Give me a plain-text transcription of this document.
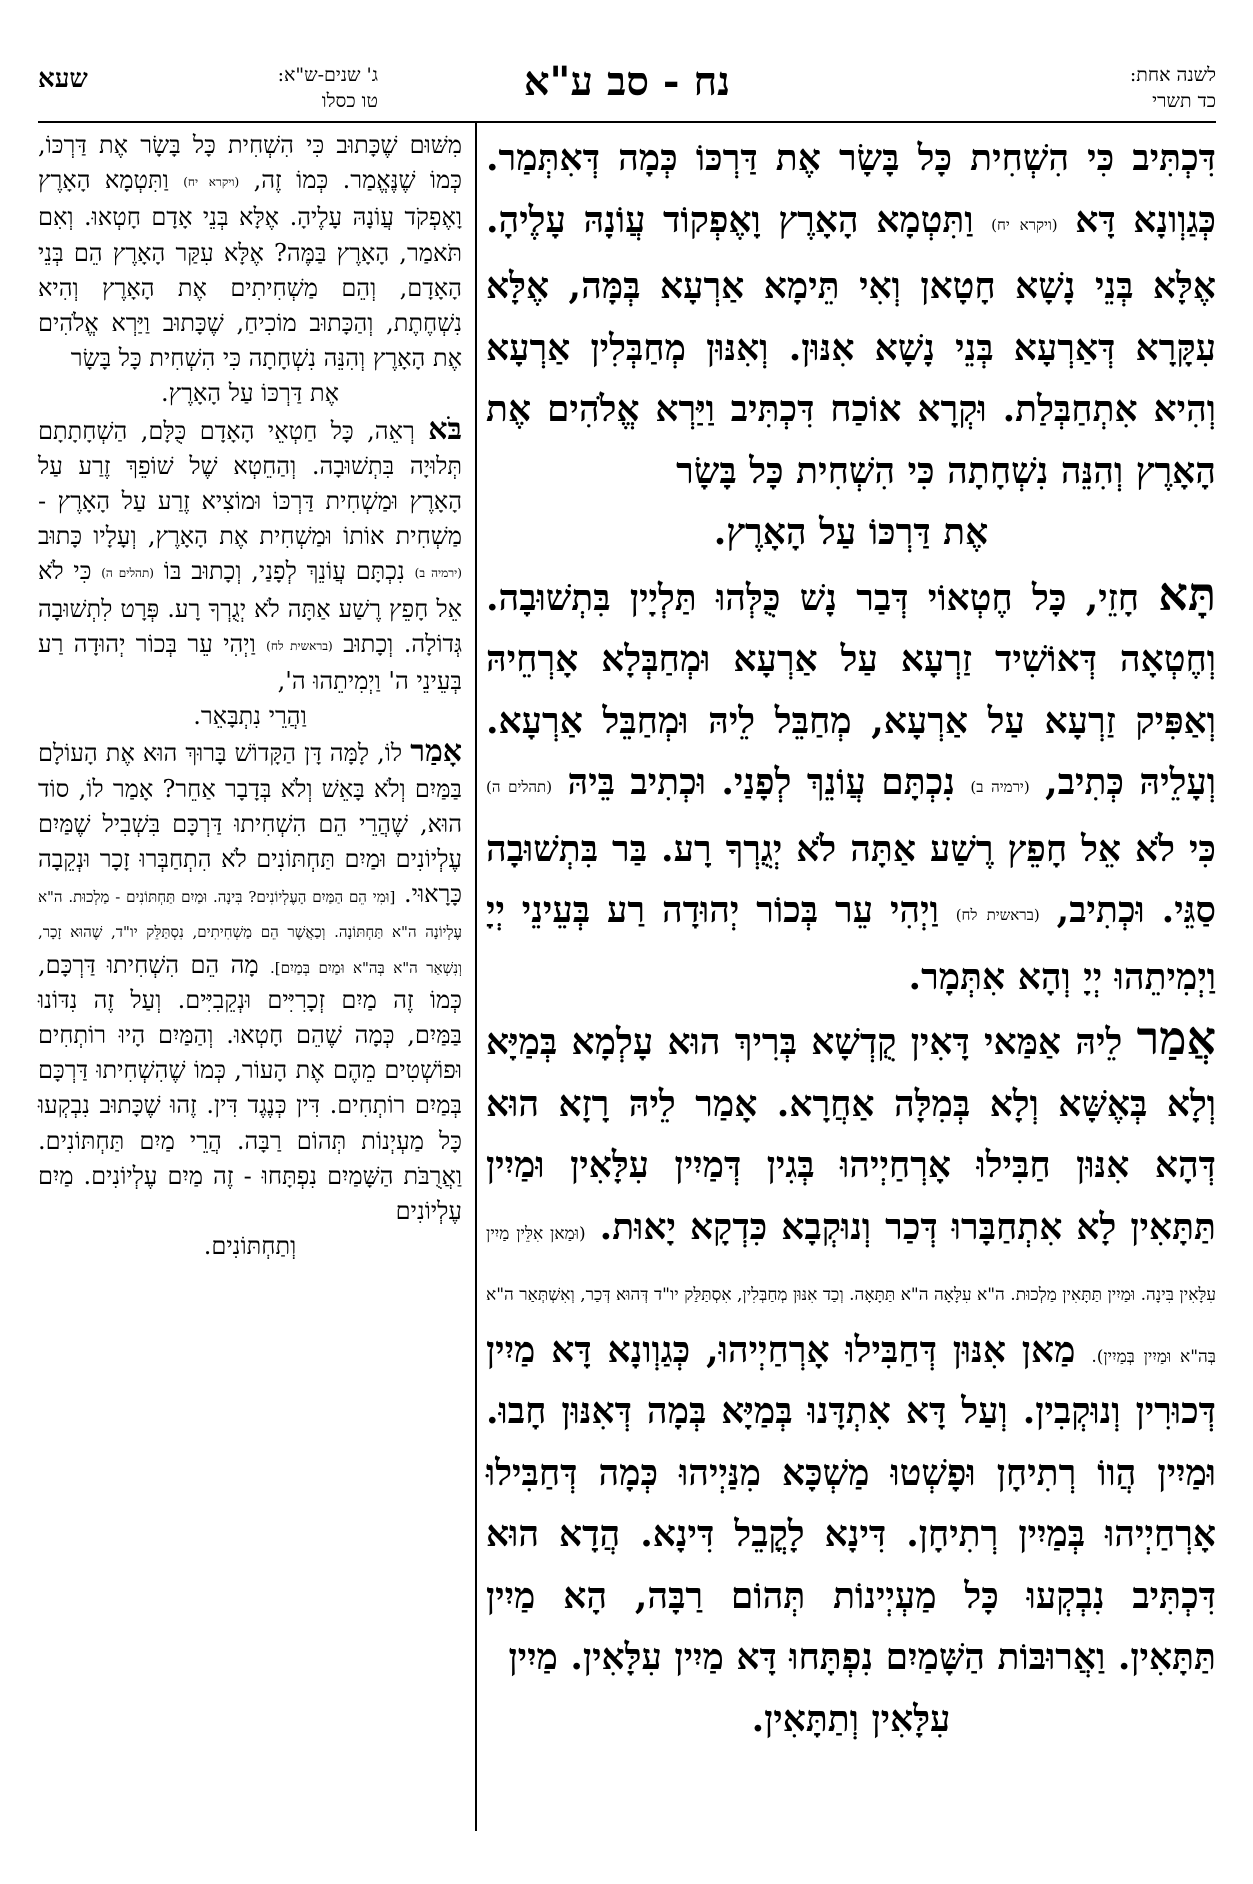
לשנה אחת:
כד תשרי
נח - סב ע"א
ג' שנים-ש"א:
טו כסלו
שעא

דִּכְתִּיב כִּי הִשְׁחִית כָּל בָּשָׂר אֶת דַּרְכּוֹ כְּמָה דְּאִתְּמַר. כְּגַוְונָא דָּא (ויקרא יח) וַתִּטְמָא הָאָרֶץ וָאֶפְקוֹד עֲוֹנָהּ עָלֶיהָ. אֶלָּא בְּנֵי נָשָׁא חָטָאן וְאִי תֵּימָא אַרְעָא בְּמָּה, אֶלָּא עִקָּרָא דְּאַרְעָא בְּנֵי נָשָׁא אִנּוּן. וְאִנּוּן מְחַבְּלִין אַרְעָא וְהִיא אִתְחַבְּלַת. וּקְרָא אוֹכַח דִּכְתִּיב וַיַּרְא אֱלֹהִים אֶת הָאָרֶץ וְהִנֵּה נִשְׁחָתָה כִּי הִשְׁחִית כָּל בָּשָׂר

אֶת דַּרְכּוֹ עַל הָאָרֶץ.

תָּא חָזֵי, כָּל חֶטְאוֹי דְּבַר נָשׁ כֻּלְּהוּ תַּלְיָין בִּתְשׁוּבָה. וְחֶטְאָה דְּאוֹשִׁיד זַרְעָא עַל אַרְעָא וּמְחַבְּלָא אָרְחֵיהּ וְאַפִּיק זַרְעָא עַל אַרְעָא, מְחַבֵּל לֵיהּ וּמְחַבֵּל אַרְעָא. וְעָלֵיהּ כְּתִיב, (ירמיה ב) נִכְתָּם עֲוֹנֵךְ לְפָנַי. וּכְתִיב בֵּיהּ (תהלים ה) כִּי לֹא אֵל חָפֵץ רֶשַׁע אַתָּה לֹא יְגֻרְךָ רָע. בַּר בִּתְשׁוּבָה סַגֵּי. וּכְתִיב, (בראשית לח) וַיְהִי עֵר בְּכוֹר יְהוּדָה רַע בְּעֵינֵי יְיָ וַיְמִיתֵהוּ יְיָ וְהָא אִתְּמָר.

אֲמַר לֵיהּ אַמַּאי דָּאִין קֻדְשָׁא בְּרִיךְ הוּא עָלְמָא בְּמַיָּא וְלָא בְּאֶשָּׁא וְלָא בְּמִלָּה אַחֲרָא. אָמַר לֵיהּ רָזָא הוּא דְּהָא אִנּוּן חַבִּילוּ אָרְחַיְיהוּ בְּגִין דְּמַיִין עִלָּאִין וּמַיִין תַּתָּאִין לָא אִתְחַבָּרוּ דְּכַר וְנוּקְבָא כִּדְקָא יָאוּת. (וּמַאן אִלֵּין מַיִין עִלָּאִין בִּינָה. וּמַיִין תַּתָּאִין מַלְכוּת. ה"א עִלָּאָה ה"א תַּתָּאָה. וְכַד אִנּוּן מְחַבְּלִין, אִסְתַּלַּק יו"ד דְּהוּא דְּכַר, וְאִשְׁתְּאַר ה"א בְּה"א וּמַיִין בְּמַיִין). מַאן אִנּוּן דְּחַבִּילוּ אָרְחַיְיהוּ, כְּגַוְונָא דָּא מַיִין דְּכוּרִין וְנוּקְבִין. וְעַל דָּא אִתְדָּנוּ בְּמַיָּא בְּמָה דְּאִנּוּן חָבוּ. וּמַיִין הֲווֹ רְתִיחָן וּפָשְׁטוּ מַשְׁכָּא מִנַּיְיהוּ כְּמָה דְּחַבִּילוּ אָרְחַיְיהוּ בְּמַיִין רְתִיחָן. דִּינָא לָקֳבֵל דִּינָא. הֲדָא הוּא דִּכְתִּיב נִבְקְעוּ כָּל מַעְיְינוֹת תְּהוֹם רַבָּה, הָא מַיִין תַּתָּאִין. וַאֲרוּבּוֹת הַשָּׁמַיִם נִפְתָּחוּ דָּא מַיִין עִלָּאִין. מַיִין

עִלָּאִין וְתַתָּאִין.

מִשּׁוּם שֶׁכָּתוּב כִּי הִשְׁחִית כָּל בָּשָׂר אֶת דַּרְכּוֹ, כְּמוֹ שֶׁנֶּאֱמַר. כְּמוֹ זֶה, (ויקרא יח) וַתִּטְמָא הָאָרֶץ וָאֶפְקֹד עֲוֹנָהּ עָלֶיהָ. אֶלָּא בְּנֵי אָדָם חָטְאוּ. וְאִם תֹּאמַר, הָאָרֶץ בַּמֶּה? אֶלָּא עִקַּר הָאָרֶץ הֵם בְּנֵי הָאָדָם, וְהֵם מַשְׁחִיתִים אֶת הָאָרֶץ וְהִיא נִשְׁחֶתֶת, וְהַכָּתוּב מוֹכִיחַ, שֶׁכָּתוּב וַיַּרְא אֱלֹהִים אֶת הָאָרֶץ וְהִנֵּה נִשְׁחָתָה כִּי הִשְׁחִית כָּל בָּשָׂר

אֶת דַּרְכּוֹ עַל הָאָרֶץ.

בֹּא רְאֵה, כָּל חַטְאֵי הָאָדָם כֻּלָּם, הַשְׁחָתָתָם תְּלוּיָה בִּתְשׁוּבָה. וְהַחֵטְא שֶׁל שׁוֹפֵךְ זֶרַע עַל הָאָרֶץ וּמַשְׁחִית דַּרְכּוֹ וּמוֹצִיא זֶרַע עַל הָאָרֶץ - מַשְׁחִית אוֹתוֹ וּמַשְׁחִית אֶת הָאָרֶץ, וְעָלָיו כָּתוּב (ירמיה ב) נִכְתָּם עֲוֹנֵךְ לְפָנַי, וְכָתוּב בּוֹ (תהלים ה) כִּי לֹא אֵל חָפֵץ רֶשַׁע אַתָּה לֹא יְגֻרְךָ רָע. פְּרָט לִתְשׁוּבָה גְּדוֹלָה. וְכָתוּב (בראשית לח) וַיְהִי עֵר בְּכוֹר יְהוּדָה רַע בְּעֵינֵי ה' וַיְמִיתֵהוּ ה',

וַהֲרֵי נִתְבָּאֵר.

אָמַר לוֹ, לָמָּה דָּן הַקָּדוֹשׁ בָּרוּךְ הוּא אֶת הָעוֹלָם בַּמַּיִם וְלֹא בָּאֵשׁ וְלֹא בְּדָבָר אַחֵר? אָמַר לוֹ, סוֹד הוּא, שֶׁהֲרֵי הֵם הִשְׁחִיתוּ דַּרְכָּם בִּשְׁבִיל שֶׁמַּיִם עֶלְיוֹנִים וּמַיִם תַּחְתּוֹנִים לֹא הִתְחַבְּרוּ זָכָר וּנְקֵבָה כָּרָאוּי. [וּמִי הֵם הַמַּיִם הָעֶלְיוֹנִים? בִּינָה. וּמַיִם תַּחְתּוֹנִים - מַלְכוּת. ה"א עֶלְיוֹנָה ה"א תַּחְתּוֹנָה. וְכַאֲשֶׁר הֵם מַשְׁחִיתִים, נִסְתַּלֵּק יו"ד, שֶׁהוּא זָכָר, וְנִשְׁאַר ה"א בְּה"א וּמַיִם בְּמַיִם]. מָה הֵם הִשְׁחִיתוּ דַּרְכָּם, כְּמוֹ זֶה מַיִם זְכָרִיִּים וּנְקֵבִיִּים. וְעַל זֶה נִדּוֹנוּ בַּמַּיִם, כְּמָה שֶׁהֵם חָטְאוּ. וְהַמַּיִם הָיוּ רוֹתְחִים וּפוֹשְׁטִים מֵהֶם אֶת הָעוֹר, כְּמוֹ שֶׁהִשְׁחִיתוּ דַּרְכָּם בְּמַיִם רוֹתְחִים. דִּין כְּנֶגֶד דִּין. זֶהוּ שֶׁכָּתוּב נִבְקְעוּ כָּל מַעְיְנוֹת תְּהוֹם רַבָּה. הֲרֵי מַיִם תַּחְתּוֹנִים. וַאֲרֻבֹּת הַשָּׁמַיִם נִפְתָּחוּ - זֶה מַיִם עֶלְיוֹנִים. מַיִם עֶלְיוֹנִים

וְתַחְתּוֹנִים.
